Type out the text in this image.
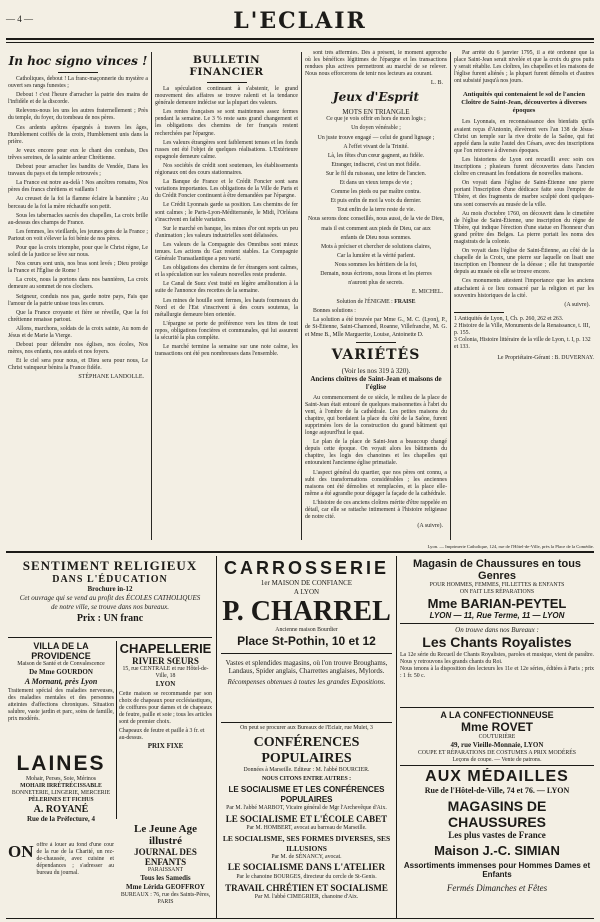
— 4 —	L'ECLAIR
In hoc signo vinces !
Catholiques, debout ! La franc-maçonnerie du mystère a ouvert ses rangs funestes ;
Debout ! c'est l'heure d'arracher la patrie des mains de l'infidèle et de la discorde.
Relevons-nous les uns les autres fraternellement ; Près du temple, du foyer, du tombeau de nos pères.
Ces ardents apôtres épargnés à travers les âges, Humblement coiffés de la croix, Humblement unis dans la prière.
Je veux encore pour eux le chant des combats, Des trêves sereines, de la sainte ardeur Chrétienne.
Debout pour arracher les bandits de Vendée, Dans les travaux du pays et du temple retrouvés ;
La France est notre au-delà ! Nos ancêtres romains, Nos pères des francs chrétiens et vaillants !
Au creuset de la foi la flamme éclaire la bannière ; Au berceau de la foi la mère réchauffe son petit.
Sous les tabernacles sacrés des chapelles, La croix brille au-dessus des champs de France.
Les femmes, les vieillards, les jeunes gens de la France ; Partout on voit s'élever la foi bénie de nos pères.
Pour que la croix triomphe, pour que le Christ règne, Le soleil de la justice se lève sur nous.
Nos cœurs sont unis, nos bras sont levés ; Dieu protège la France et l'Église de Rome !
La croix, nous la portons dans nos bannières, La croix demeure au sommet de nos clochers.
Seigneur, conduis nos pas, garde notre pays, Fais que l'amour de la patrie unisse tous les cœurs.
Que la France croyante et fière se réveille, Que la foi chrétienne renaisse partout.
Allons, marchons, soldats de la croix sainte, Au nom de Jésus et de Marie la Vierge.
Debout pour défendre nos églises, nos écoles, Nos mères, nos enfants, nos autels et nos foyers.
Et le ciel sera pour nous, et Dieu sera pour nous, Le Christ vainqueur bénira la France fidèle.
STÉPHANE LANDOLLE.
BULLETIN FINANCIER
La spéculation continuant à s'abstenir, le grand mouvement des affaires se trouve ralenti et la tendance générale demeure indécise sur la plupart des valeurs.
Les rentes françaises se sont maintenues assez fermes pendant la semaine. Le 3 % reste sans grand changement et les obligations des chemins de fer français restent recherchées par l'épargne.
Les valeurs étrangères sont faiblement tenues et les fonds russes ont été l'objet de quelques réalisations. L'Extérieure espagnole demeure calme.
Nos sociétés de crédit sont soutenues, les établissements régionaux ont des cours stationnaires.
La Banque de France et le Crédit Foncier sont sans variations importantes. Les obligations de la Ville de Paris et du Crédit Foncier continuent à être demandées par l'épargne.
Le Crédit Lyonnais garde sa position. Les chemins de fer sont calmes ; le Paris-Lyon-Méditerranée, le Midi, l'Orléans s'inscrivent en faible variation.
Sur le marché en banque, les mines d'or ont repris un peu d'animation ; les valeurs industrielles sont délaissées.
Les valeurs de la Compagnie des Omnibus sont mieux tenues. Les actions du Gaz restent stables. La Compagnie Générale Transatlantique a peu varié.
Les obligations des chemins de fer étrangers sont calmes, et la spéculation sur les valeurs nouvelles reste prudente.
Le Canal de Suez s'est traité en légère amélioration à la suite de l'annonce des recettes de la semaine.
Les mines de houille sont fermes, les hauts fourneaux du Nord et de l'Est s'inscrivent à des cours soutenus, la métallurgie demeure bien orientée.
L'épargne se porte de préférence vers les titres de tout repos, obligations foncières et communales, qui lui assurent la sécurité la plus complète.
Le marché termine la semaine sur une note calme, les transactions ont été peu nombreuses dans l'ensemble.
sont très affermies. Dès à présent, le moment approche où les bénéfices légitimes de l'épargne et les transactions rendues plus actives permettront au marché de se relever. Nous nous efforcerons de tenir nos lecteurs au courant.
L. B.
Jeux d'Esprit
MOTS EN TRIANGLE
Ce que je vois offrir en hors de mon logis ;
Un doyen vénérable ;
Un juste trouve engagé — celui de grand lignage ;
A l'effet vivant de la Trinité.
Là, les fêtes d'un cœur gagnent, au fidèle.
Etranger, indiscret, c'est un mot fidèle.
Sur le fil du ruisseau, une lettre de l'ancien.
Et dans un vieux temps de vie ;
Comme les pieds ou par maître contra.
Et puis enfin de moi la voix du dernier.
Tout enfin de la terre reste de vie.
Nous serons donc conseillés, nous aussi, de la vie de Dieu,
mais il est comment aux pieds de Dieu, car aux
enfants de Dieu nous sommes.
Mots à préciser et chercher de solutions claires,
Car la lumière et la vérité parlent.
Nous sommes les héritiers de la foi,
Demain, nous écrirons, nous lirons et les pierres
n'auront plus de secrets.
E. MICHEL.
Solution de l'ÉNIGME : FRAISE
Bonnes solutions :
La solution a été trouvée par Mme G., M. C. (Lyon), P., de St-Étienne, Saint-Chamond, Roanne, Villefranche, M. G. et Mme B., Mlle Marguerite, Louise, Antoinette D.
VARIÉTÉS
(Voir les nos 319 à 320).
Anciens cloîtres de Saint-Jean et maisons de l'église
Au commencement de ce siècle, le milieu de la place de Saint-Jean était entouré de quelques maisonnettes à l'abri du vent, à l'ombre de la cathédrale. Les petites maisons du chapitre, qui bordaient la place du côté de la Saône, furent supprimées lors de la construction du grand bâtiment qui longe aujourd'hui le quai.
Le plan de la place de Saint-Jean a beaucoup changé depuis cette époque. On voyait alors les bâtiments du chapitre, les logis des chanoines et les chapelles qui entouraient l'ancienne église primatiale.
L'aspect général du quartier, que nos pères ont connu, a subi des transformations considérables ; les anciennes maisons ont été démolies et remplacées, et la place elle-même a été agrandie pour dégager la façade de la cathédrale.
L'histoire de ces anciens cloîtres mérite d'être rappelée en détail, car elle se rattache intimement à l'histoire religieuse de notre cité.
(A suivre).
Par arrêté du 6 janvier 1795, il a été ordonné que la place Saint-Jean serait nivelée et que la croix du gros puits y serait rétablie. Les cloîtres, les chapelles et les maisons de l'église furent aliénés ; la plupart furent démolis et d'autres ont subsisté jusqu'à nos jours.
Antiquités qui contenaient le sol de l'ancien Cloître de Saint-Jean, découvertes à diverses époques
Les Lyonnais, en reconnaissance des bienfaits qu'ils avaient reçus d'Antonin, élevèrent vers l'an 138 de Jésus-Christ un temple sur la rive droite de la Saône, qui fut appelé dans la suite l'autel des Césars, avec des inscriptions que l'on retrouve à diverses époques.
Les historiens de Lyon ont recueilli avec soin ces inscriptions ; plusieurs furent découvertes dans l'ancien cloître en creusant les fondations de nouvelles maisons.
On voyait dans l'église de Saint-Étienne une pierre portant l'inscription d'une dédicace faite sous l'empire de Tibère, et des fragments de marbre sculpté dont quelques-uns sont conservés au musée de la ville.
Au mois d'octobre 1760, on découvrit dans le cimetière de l'église de Saint-Étienne, une inscription du règne de Tibère, qui indique l'érection d'une statue en l'honneur d'un grand prêtre des Belges. La pierre portait les noms des magistrats de la colonie.
On voyait dans l'église de Saint-Étienne, au côté de la chapelle de la Croix, une pierre sur laquelle on lisait une inscription en l'honneur de la déesse ; elle fut transportée depuis au musée où elle se trouve encore.
Ces monuments attestent l'importance que les anciens attachaient à ce lieu consacré par la religion et par les souvenirs historiques de la cité.
(A suivre).
1 Antiquités de Lyon, I, Ch. p. 260, 262 et 263.
2 Histoire de la Ville, Monuments de la Renaissance, t. III, p. 155.
3 Colonia, Histoire littéraire de la ville de Lyon, t. I, p. 132 et 133.
Le Propriétaire-Gérant : B. DUVERNAY.
Lyon. — Imprimerie Catholique, 124, rue de l'Hôtel-de-Ville, près la Place de la Comédie.
SENTIMENT RELIGIEUX
DANS L'ÉDUCATION
Brochure in-12
Cet ouvrage qui se vend au profit des ÉCOLES CATHOLIQUES de notre ville, se trouve dans nos bureaux.
Prix : UN franc
VILLA DE LA PROVIDENCE
Maison de Santé et de Convalescence
De Mme GOURDON
A Mornant, près Lyon
Traitement spécial des maladies nerveuses, des maladies mentales et des personnes atteintes d'affections chroniques. Situation salubre, vaste jardin et parc, soins de famille, prix modérés.
CHAPELLERIE
RIVIER SŒURS
15, rue CENTRALE et rue Hôtel-de-Ville, 18
LYON
Cette maison se recommande par son choix de chapeaux pour ecclésiastiques, de coiffures pour dames et de chapeaux de feutre, paille et soie ; tous les articles sont de premier choix.
Chapeaux de feutre et paille à 3 fr. et au-dessus.
PRIX FIXE
LAINES
Mohair, Perses, Soie, Mérinos
MOHAIR IRRÉTRÉCISSABLE
BONNETERIE, LINGERIE, MERCERIE
PÈLERINES ET FICHUS
A. ROYANÉ
Rue de la Préfecture, 4
ON offre à louer au fond d'une cour de la rue de la Charité, un rez-de-chaussée, avec cuisine et dépendances ; s'adresser au bureau du journal.
Le Jeune Age illustré
JOURNAL DES ENFANTS
PARAISSANT
Tous les Samedis
Mme Lérida GEOFFROY
BUREAUX : 76, rue des Saints-Pères, PARIS
CARROSSERIE
1er MAISON DE CONFIANCE
A LYON
P. CHARREL
Ancienne maison Bourdier
Place St-Pothin, 10 et 12
Vastes et splendides magasins, où l'on trouve Broughams, Landaus, Spider anglais, Charrettes anglaises, Mylords.
Récompenses obtenues à toutes les grandes Expositions.
On peut se procurer aux Bureaux de l'Éclair, rue Mulet, 3
CONFÉRENCES POPULAIRES
Données à Marseille. Editeur : M. l'abbé BOURCIER.
NOUS CITONS ENTRE AUTRES :
LE SOCIALISME ET LES CONFÉRENCES POPULAIRES
Par M. l'abbé MARBOT, Vicaire général de Mgr l'Archevêque d'Aix.
LE SOCIALISME ET L'ÉCOLE CABET
Par M. HOMBERT, avocat au barreau de Marseille.
LE SOCIALISME, SES FORMES DIVERSES, SES ILLUSIONS
Par M. de SÉNANCY, avocat.
LE SOCIALISME DANS L'ATELIER
Par le chanoine BOURGES, directeur du cercle de St-Genis.
TRAVAIL CHRÉTIEN ET SOCIALISME
Par M. l'abbé CIMEGRIER, chanoine d'Aix.
Magasin de Chaussures en tous Genres
POUR HOMMES, FEMMES, FILLETTES & ENFANTS
ON FAIT LES RÉPARATIONS
Mme BARIAN-PEYTEL
LYON — 11, Rue Terme, 11 — LYON
On trouve dans nos Bureaux :
Les Chants Royalistes
La 12e série du Recueil de Chants Royalistes, paroles et musique, vient de paraître. Nous y retrouvons les grands chants du Roi.
Nous tenons à la disposition des lecteurs les 11e et 12e séries, éditées à Paris ; prix : 1 fr. 50 c.
A LA CONFECTIONNEUSE
Mme ROVET
COUTURIÈRE
49, rue Vieille-Monnaie, LYON
COUPE ET RÉPARATIONS DE COSTUMES A PRIX MODÉRÉS
Leçons de coupe. — Vente de patrons.
AUX MÉDAILLES
Rue de l'Hôtel-de-Ville, 74 et 76. — LYON
MAGASINS DE CHAUSSURES
Les plus vastes de France
Maison J.-C. SIMIAN
Assortiments immenses pour Hommes Dames et Enfants
Fermés Dimanches et Fêtes
